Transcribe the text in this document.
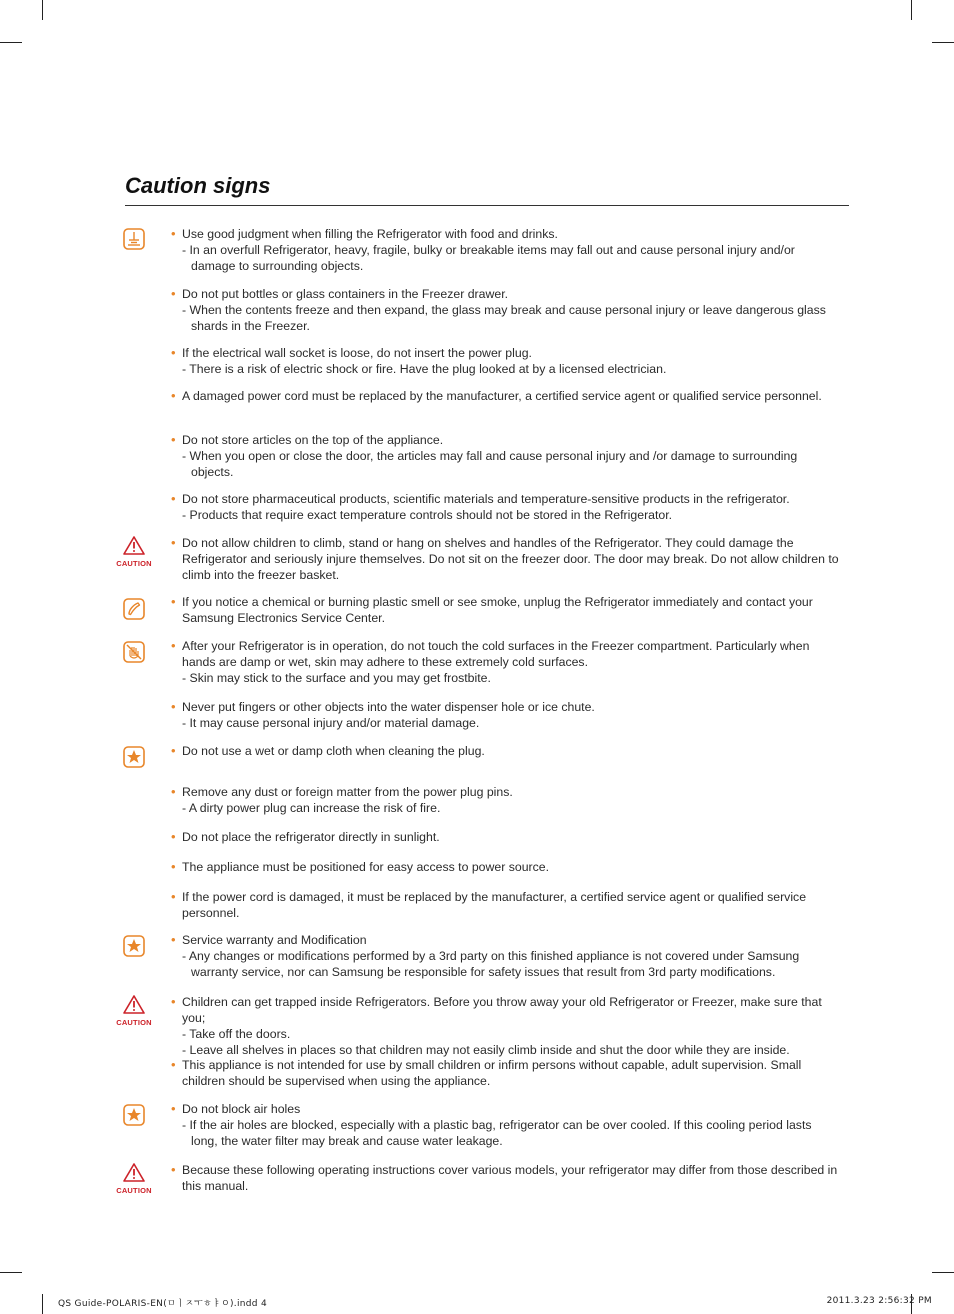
Caution signs
CAUTION
CAUTION
CAUTION
• Use good judgment when filling the Refrigerator with food and drinks.
- In an overfull Refrigerator, heavy, fragile, bulky or breakable items may fall out and cause personal injury and/or damage to surrounding objects.
• Do not put bottles or glass containers in the Freezer drawer.
- When the contents freeze and then expand, the glass may break and cause personal injury or leave dangerous glass shards in the Freezer.
• If the electrical wall socket is loose, do not insert the power plug.
- There is a risk of electric shock or fire. Have the plug looked at by a licensed electrician.
• A damaged power cord must be replaced by the manufacturer, a certified service agent or qualified service personnel.
• Do not store articles on the top of the appliance.
- When you open or close the door, the articles may fall and cause personal injury and /or damage to surrounding objects.
• Do not store pharmaceutical products, scientific materials and temperature-sensitive products in the refrigerator.
- Products that require exact temperature controls should not be stored in the Refrigerator.
• Do not allow children to climb, stand or hang on shelves and handles of the Refrigerator. They could damage the Refrigerator and seriously injure themselves. Do not sit on the freezer door. The door may break. Do not allow children to climb into the freezer basket.
• If you notice a chemical or burning plastic smell or see smoke, unplug the Refrigerator immediately and contact your Samsung Electronics Service Center.
• After your Refrigerator is in operation, do not touch the cold surfaces in the Freezer compartment. Particularly when hands are damp or wet, skin may adhere to these extremely cold surfaces.
- Skin may stick to the surface and you may get frostbite.
• Never put fingers or other objects into the water dispenser hole or ice chute.
- It may cause personal injury and/or material damage.
• Do not use a wet or damp cloth when cleaning the plug.
• Remove any dust or foreign matter from the power plug pins.
- A dirty power plug can increase the risk of fire.
• Do not place the refrigerator directly in sunlight.
• The appliance must be positioned for easy access to power source.
• If the power cord is damaged, it must be replaced by the manufacturer, a certified service agent or qualified service personnel.
• Service warranty and Modification
- Any changes or modifications performed by a 3rd party on this finished appliance is not covered under Samsung warranty service, nor can Samsung be responsible for safety issues that result from 3rd party modifications.
• Children can get trapped inside Refrigerators. Before you throw away your old Refrigerator or Freezer, make sure that you;
- Take off the doors.
- Leave all shelves in places so that children may not easily climb inside and shut the door while they are inside.
• This appliance is not intended for use by small children or infirm persons without capable, adult supervision. Small children should be supervised when using the appliance.
• Do not block air holes
- If the air holes are blocked, especially with a plastic bag, refrigerator can be over cooled. If this cooling period lasts long, the water filter may break and cause water leakage.
• Because these following operating instructions cover various models, your refrigerator may differ from those described in this manual.
QS Guide-POLARIS-EN(ㅁㅣㅈㅜㅎㅑㅇ).indd 4	2011.3.23 2:56:32 PM
